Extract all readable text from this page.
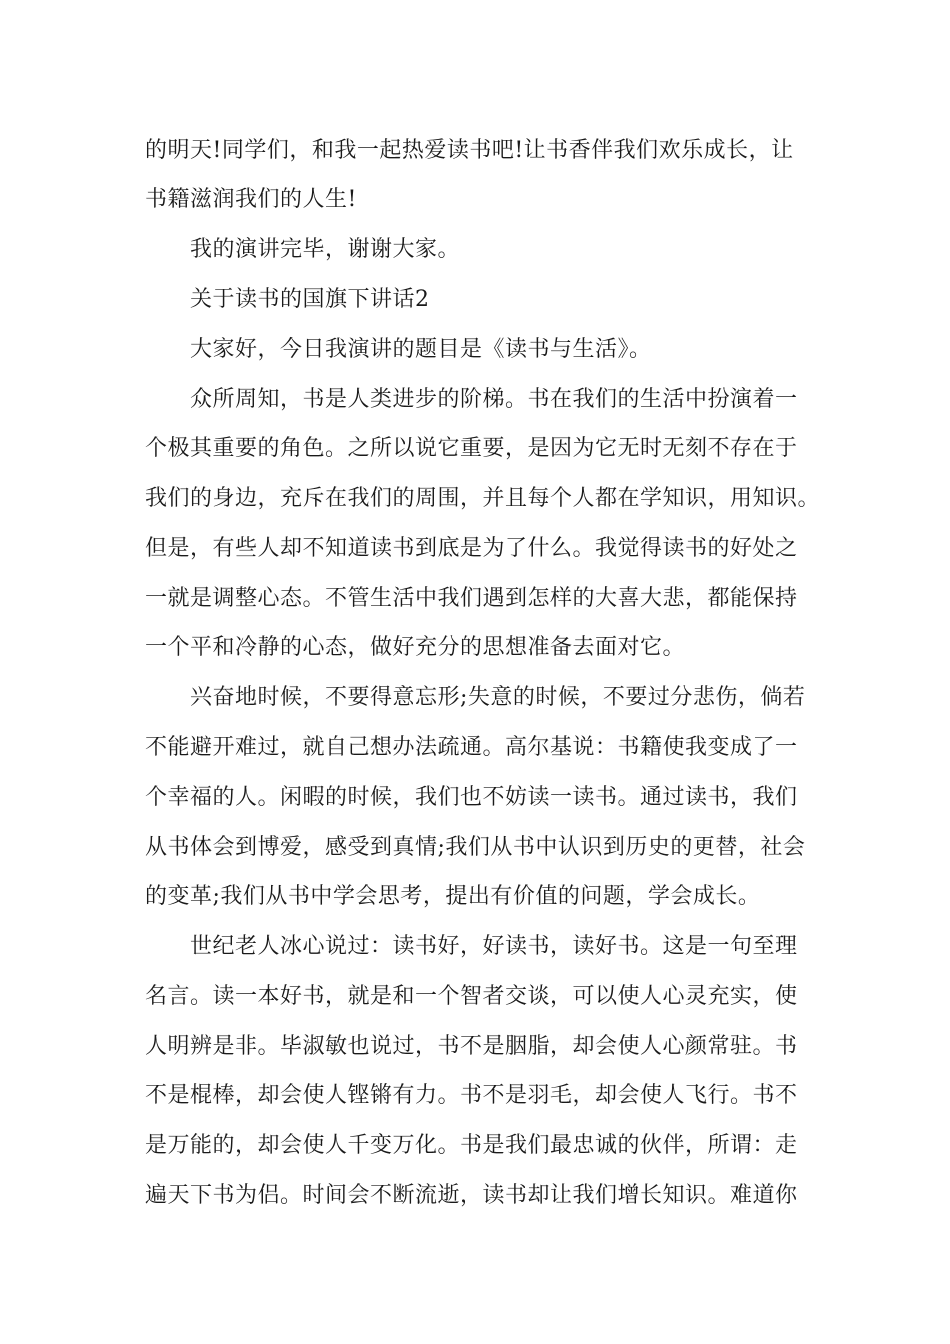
的明天!同学们，和我一起热爱读书吧!让书香伴我们欢乐成长，让

书籍滋润我们的人生!

我的演讲完毕，谢谢大家。

关于读书的国旗下讲话2

大家好，今日我演讲的题目是《读书与生活》。

众所周知，书是人类进步的阶梯。书在我们的生活中扮演着一

个极其重要的角色。之所以说它重要，是因为它无时无刻不存在于

我们的身边，充斥在我们的周围，并且每个人都在学知识，用知识。

但是，有些人却不知道读书到底是为了什么。我觉得读书的好处之

一就是调整心态。不管生活中我们遇到怎样的大喜大悲，都能保持

一个平和冷静的心态，做好充分的思想准备去面对它。

兴奋地时候，不要得意忘形;失意的时候，不要过分悲伤，倘若

不能避开难过，就自己想办法疏通。高尔基说：书籍使我变成了一

个幸福的人。闲暇的时候，我们也不妨读一读书。通过读书，我们

从书体会到博爱，感受到真情;我们从书中认识到历史的更替，社会

的变革;我们从书中学会思考，提出有价值的问题，学会成长。

世纪老人冰心说过：读书好，好读书，读好书。这是一句至理

名言。读一本好书，就是和一个智者交谈，可以使人心灵充实，使

人明辨是非。毕淑敏也说过，书不是胭脂，却会使人心颜常驻。书

不是棍棒，却会使人铿锵有力。书不是羽毛，却会使人飞行。书不

是万能的，却会使人千变万化。书是我们最忠诚的伙伴，所谓：走

遍天下书为侣。时间会不断流逝，读书却让我们增长知识。难道你
